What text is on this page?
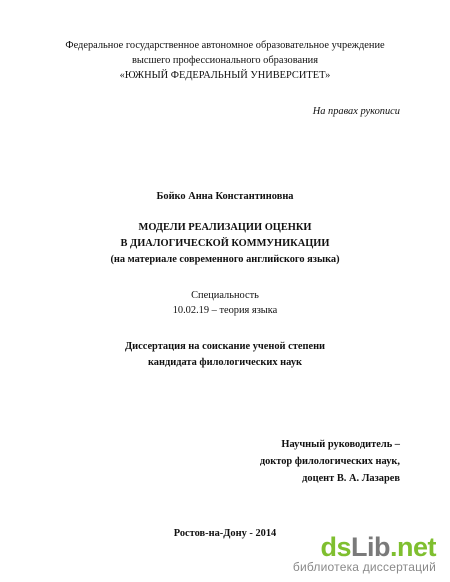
Федеральное государственное автономное образовательное учреждение
высшего профессионального образования
«ЮЖНЫЙ ФЕДЕРАЛЬНЫЙ УНИВЕРСИТЕТ»
На правах рукописи
Бойко Анна Константиновна
МОДЕЛИ РЕАЛИЗАЦИИ ОЦЕНКИ
В ДИАЛОГИЧЕСКОЙ КОММУНИКАЦИИ
(на материале современного английского языка)
Специальность
10.02.19 – теория языка
Диссертация на соискание ученой степени
кандидата филологических наук
Научный руководитель –
доктор филологических наук,
доцент В. А. Лазарев
Ростов-на-Дону - 2014	dsLib.net
библиотека диссертаций
